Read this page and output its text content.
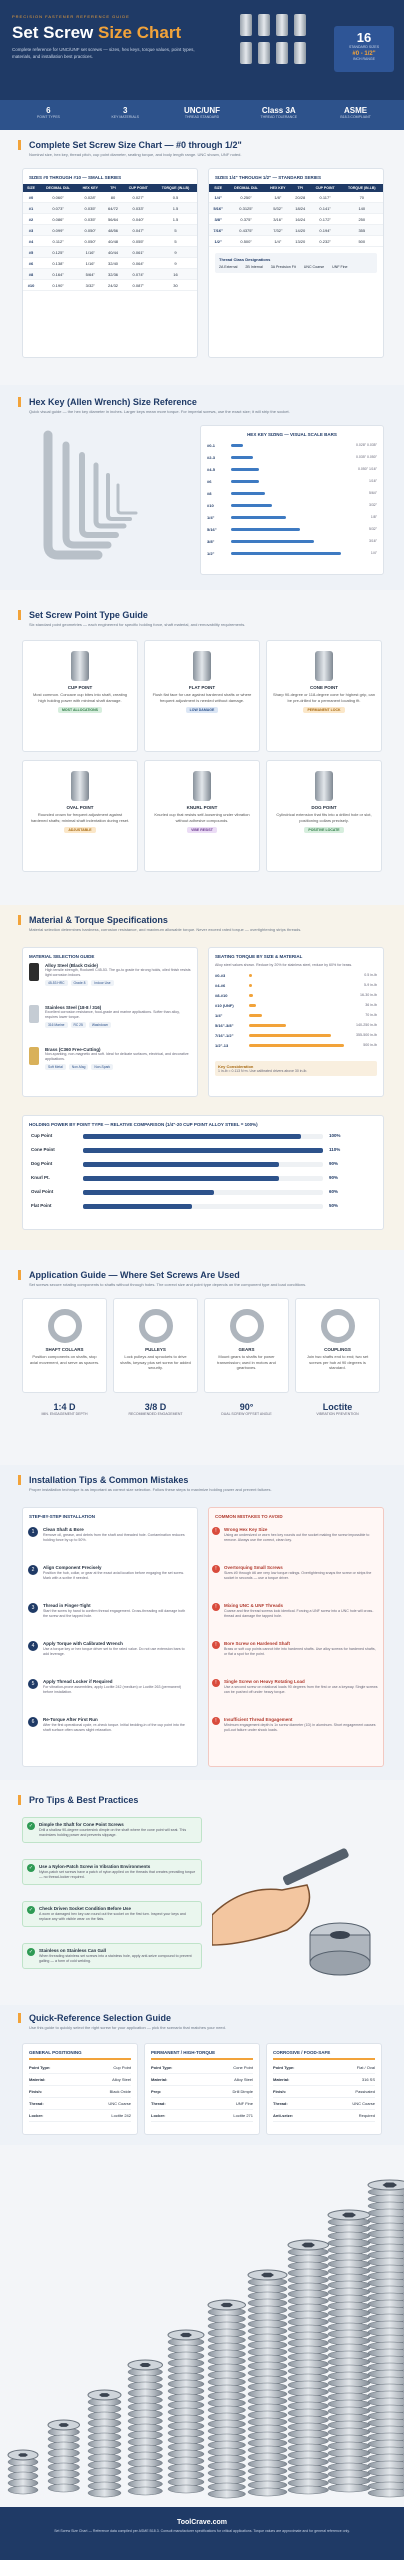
PRECISION FASTENER REFERENCE GUIDE
Set Screw Size Chart

Complete reference for UNC/UNF set screws — sizes, hex keys, torque values, point types, materials, and installation best practices.

16
STANDARD SIZES
#0 - 1/2"
INCH RANGE
6
POINT TYPES
3
KEY MATERIALS
UNC/UNF
THREAD STANDARD
Class 3A
THREAD TOLERANCE
ASME
B18.3 COMPLIANT
Complete Set Screw Size Chart — #0 through 1/2"
Nominal size, hex key, thread pitch, cup point diameter, seating torque, and body length range. UNC shown, UNF noted.
SIZES #0 THROUGH #10 — SMALL SERIES
SIZE	DECIMAL DIA.	HEX KEY	TPI	CUP POINT	TORQUE (IN-LB)
#0	0.060"	0.028"	80	0.027"	0.5
#1	0.073"	0.035"	64/72	0.033"	1.5
#2	0.086"	0.035"	56/64	0.040"	1.5
#3	0.099"	0.050"	48/56	0.047"	5
#4	0.112"	0.050"	40/48	0.055"	5
#5	0.125"	1/16"	40/44	0.061"	9
#6	0.138"	1/16"	32/40	0.064"	9
#8	0.164"	5/64"	32/36	0.074"	16
#10	0.190"	3/32"	24/32	0.087"	30
SIZES 1/4" THROUGH 1/2" — STANDARD SERIES
SIZE	DECIMAL DIA.	HEX KEY	TPI	CUP POINT	TORQUE (IN-LB)
1/4"	0.250"	1/8"	20/28	0.117"	70
5/16"	0.3125"	5/32"	18/24	0.141"	140
3/8"	0.375"	3/16"	16/24	0.172"	250
7/16"	0.4375"	7/32"	14/20	0.194"	355
1/2"	0.500"	1/4"	13/20	0.232"	500
Thread Class Designations
2A External 2B Internal 3A Precision Fit UNC Coarse UNF Fine
Hex Key (Allen Wrench) Size Reference
Quick visual guide — the hex key diameter in inches. Larger keys mean more torque. For imperial screws, use the exact size; it will strip the socket.
HEX KEY SIZING — VISUAL SCALE BARS
#0-1	0.028" 0.035"
#2-3	0.035" 0.050"
#4-5	0.050" 1/16"
#6	1/16"
#8	5/64"
#10	3/32"
1/4"	1/8"
5/16"	5/32"
3/8"	3/16"
1/2"	1/4"
Set Screw Point Type Guide
Six standard point geometries — each engineered for specific holding force, shaft material, and removability requirements.
CUP POINT
Most common. Concave cup bites into shaft, creating high holding power with minimal shaft damage.
MOST ALLOCATIONS
FLAT POINT
Flush flat face for use against hardened shafts or where frequent adjustment is needed without damage.
LOW DAMAGE
CONE POINT
Sharp 90-degree or 118-degree cone for highest grip, can be pre-drilled for a permanent locating fit.
PERMANENT LOCK
OVAL POINT
Rounded crown for frequent adjustment against hardened shafts; minimal shaft indentation during reset.
ADJUSTABLE
KNURL POINT
Knurled cup that resists self-loosening under vibration without adhesive compounds.
VIBE RESIST
DOG POINT
Cylindrical extension that fits into a drilled hole or slot, positioning collars precisely.
POSITIVE LOCATE
Material & Torque Specifications
Material selection determines hardness, corrosion resistance, and maximum allowable torque. Never exceed rated torque — overtightening strips threads.
MATERIAL SELECTION GUIDE
Alloy Steel (Black Oxide)
High tensile strength, Rockwell C45-53. The go-to grade for strong holds, oiled finish resists light corrosion indoors.
45-53 HRC	Grade 8	Indoor Use
Stainless Steel (18-8 / 316)
Excellent corrosion resistance, food-grade and marine applications. Softer than alloy, requires lower torque.
316 Marine	RC 25	Washdown
Brass (C360 Free-Cutting)
Non-sparking, non-magnetic and soft. Ideal for delicate surfaces, electrical, and decorative applications.
Soft Metal	Non-Mag	Non-Spark
SEATING TORQUE BY SIZE & MATERIAL
Alloy steel values shown. Reduce by 20% for stainless steel, reduce by 60% for brass.
#0-#3	0.5 in-lb
#4-#6	5-9 in-lb
#8-#10	16-30 in-lb
#10 (UNF)	36 in-lb
1/4"	70 in-lb
5/16"-3/8"	140-250 in-lb
7/16"-1/2"	355-500 in-lb
1/2"-13	500 in-lb
Key Consideration
1 in-lb = 0.113 N·m. Use calibrated drivers above 30 in-lb.
HOLDING POWER BY POINT TYPE — RELATIVE COMPARISON (1/4"-20 CUP POINT ALLOY STEEL = 100%)
Cup Point	100%
Cone Point	110%
Dog Point	90%
Knurl Pt.	90%
Oval Point	60%
Flat Point	50%
Application Guide — Where Set Screws Are Used
Set screws secure rotating components to shafts without through holes. The correct size and point type depends on the component type and load conditions.
SHAFT COLLARS
Position components on shafts, stop axial movement, and serve as spacers.
PULLEYS
Lock pulleys and sprockets to drive shafts, keyway plus set screw for added security.
GEARS
Mount gears to shafts for power transmission; used in motors and gearboxes.
COUPLINGS
Join two shafts end to end; two set screws per hub at 90 degrees is standard.
1:4 D
MIN. ENGAGEMENT DEPTH
3/8 D
RECOMMENDED ENGAGEMENT
90°
DUAL SCREW OFFSET ANGLE
Loctite
VIBRATION PREVENTION
Installation Tips & Common Mistakes
Proper installation technique is as important as correct size selection. Follow these steps to maximize holding power and prevent failures.
STEP-BY-STEP INSTALLATION	COMMON MISTAKES TO AVOID
1	Clean Shaft & Bore
Remove oil, grease, and debris from the shaft and threaded hole. Contamination reduces holding force by up to 50%.
2	Align Component Precisely
Position the hub, collar, or gear at the exact axial location before engaging the set screw. Mark with a scribe if needed.
3	Thread in Finger-Tight
Start the screw by hand to confirm thread engagement. Cross-threading will damage both the screw and the tapped hole.
4	Apply Torque with Calibrated Wrench
Use a torque key or hex torque driver set to the rated value. Do not use extension bars to add leverage.
5	Apply Thread Locker if Required
For vibration-prone assemblies, apply Loctite 242 (medium) or Loctite 263 (permanent) before installation.
6	Re-Torque After First Run
After the first operational cycle, re-check torque. Initial bedding-in of the cup point into the shaft surface often causes slight relaxation.
!	Wrong Hex Key Size
Using an undersized or worn hex key rounds out the socket making the screw impossible to remove. Always use the correct, clean key.
!	Overtorquing Small Screws
Sizes #0 through #6 are very low torque ratings. Overtightening snaps the screw or strips the socket in seconds — use a torque driver.
!	Mixing UNC & UNF Threads
Coarse and fine thread screws look identical. Forcing a UNF screw into a UNC hole will cross-thread and damage the tapped hole.
!	Bore Screw on Hardened Shaft
Brass or soft cup points cannot bite into hardened shafts. Use alloy screws for hardened shafts, or flat a spot for the point.
!	Single Screw on Heavy Rotating Load
Use a second screw on rotational loads 90 degrees from the first or use a keyway. Single screws can be pushed off under heavy torque.
!	Insufficient Thread Engagement
Minimum engagement depth is 1x screw diameter (1D) in aluminum. Short engagement causes pull-out failure under shock loads.
Pro Tips & Best Practices
✓	Dimple the Shaft for Cone Point Screws
Drill a shallow 90-degree countersink dimple on the shaft where the cone point will seat. This maximizes holding power and prevents slippage.
✓	Use a Nylon-Patch Screw in Vibration Environments
Nylon-patch set screws have a patch of nylon applied on the threads that creates prevailing torque — no thread-locker required.
✓	Check Driven Socket Condition Before Use
A worn or damaged hex key can round out the socket on the first turn. Inspect your keys and replace any with visible wear on the flats.
✓	Stainless on Stainless Can Gall
When threading stainless set screws into a stainless hole, apply anti-seize compound to prevent galling — a form of cold welding.
Quick-Reference Selection Guide
Use this guide to quickly select the right screw for your application — pick the scenario that matches your need.
GENERAL POSITIONING
Point Type:	Cup Point
Material:	Alloy Steel
Finish:	Black Oxide
Thread:	UNC Coarse
Locker:	Loctite 242
PERMANENT / HIGH-TORQUE
Point Type:	Cone Point
Material:	Alloy Steel
Prep:	Drill Dimple
Thread:	UNF Fine
Locker:	Loctite 271
CORROSIVE / FOOD-SAFE
Point Type:	Flat / Oval
Material:	316 SS
Finish:	Passivated
Thread:	UNC Coarse
Anti-seize:	Required
ToolCrave.com
Set Screw Size Chart — Reference data compiled per ASME B18.3. Consult manufacturer specifications for critical applications. Torque values are approximate and for general reference only.
